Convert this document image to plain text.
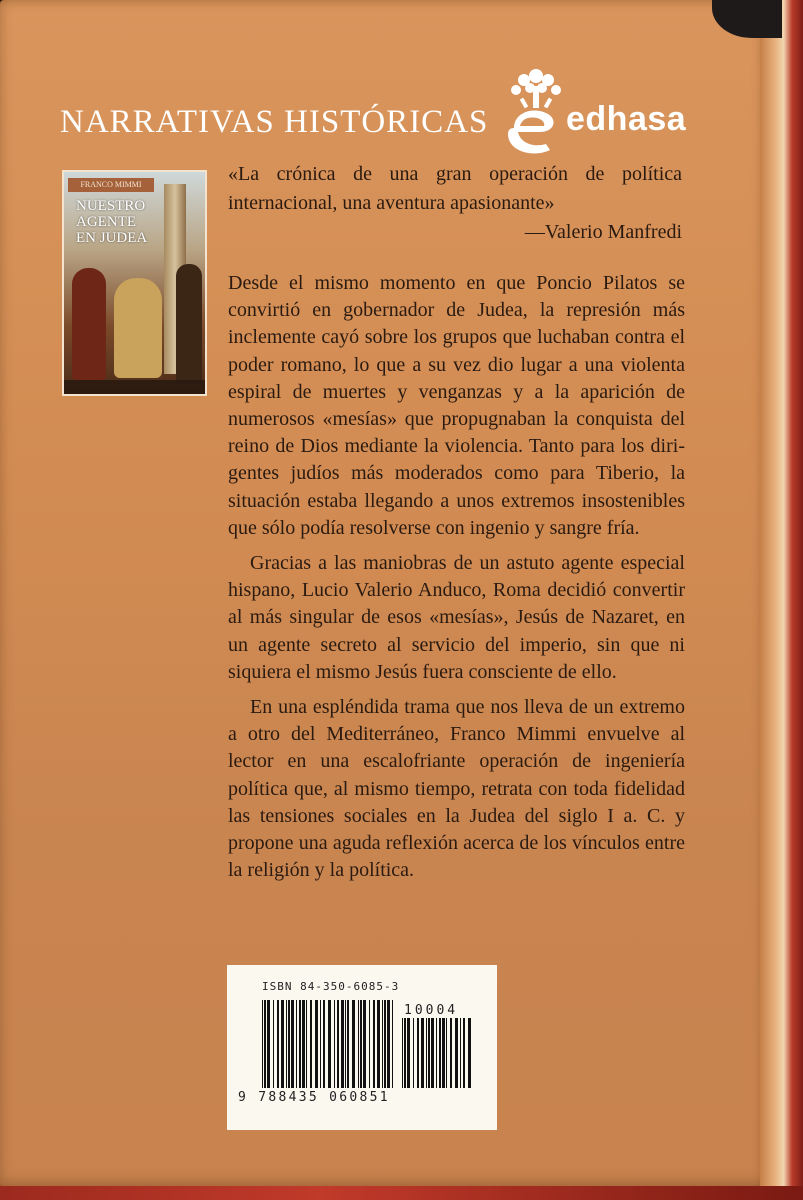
NARRATIVAS HISTÓRICAS edhasa
FRANCO MIMMI
NUESTRO
AGENTE
EN JUDEA
«La crónica de una gran operación de política internacional, una aventura apasionante»
—Valerio Manfredi

Desde el mismo momento en que Poncio Pilatos se convirtió en gobernador de Judea, la represión más inclemente cayó sobre los grupos que luchaban contra el poder romano, lo que a su vez dio lugar a una violenta espiral de muertes y venganzas y a la aparición de numerosos «mesías» que propugnaban la conquista del reino de Dios mediante la violencia. Tanto para los dirigentes judíos más moderados como para Tiberio, la situación estaba llegando a unos extremos insostenibles que sólo podía resolverse con ingenio y sangre fría.

Gracias a las maniobras de un astuto agente especial hispano, Lucio Valerio Anduco, Roma decidió convertir al más singular de esos «mesías», Jesús de Nazaret, en un agente secreto al servicio del imperio, sin que ni siquiera el mismo Jesús fuera consciente de ello.

En una espléndida trama que nos lleva de un extremo a otro del Mediterráneo, Franco Mimmi envuelve al lector en una escalofriante operación de ingeniería política que, al mismo tiempo, retrata con toda fidelidad las tensiones sociales en la Judea del siglo I a. C. y propone una aguda reflexión acerca de los vínculos entre la religión y la política.

ISBN 84-350-6085-3
10004
9 788435 060851
